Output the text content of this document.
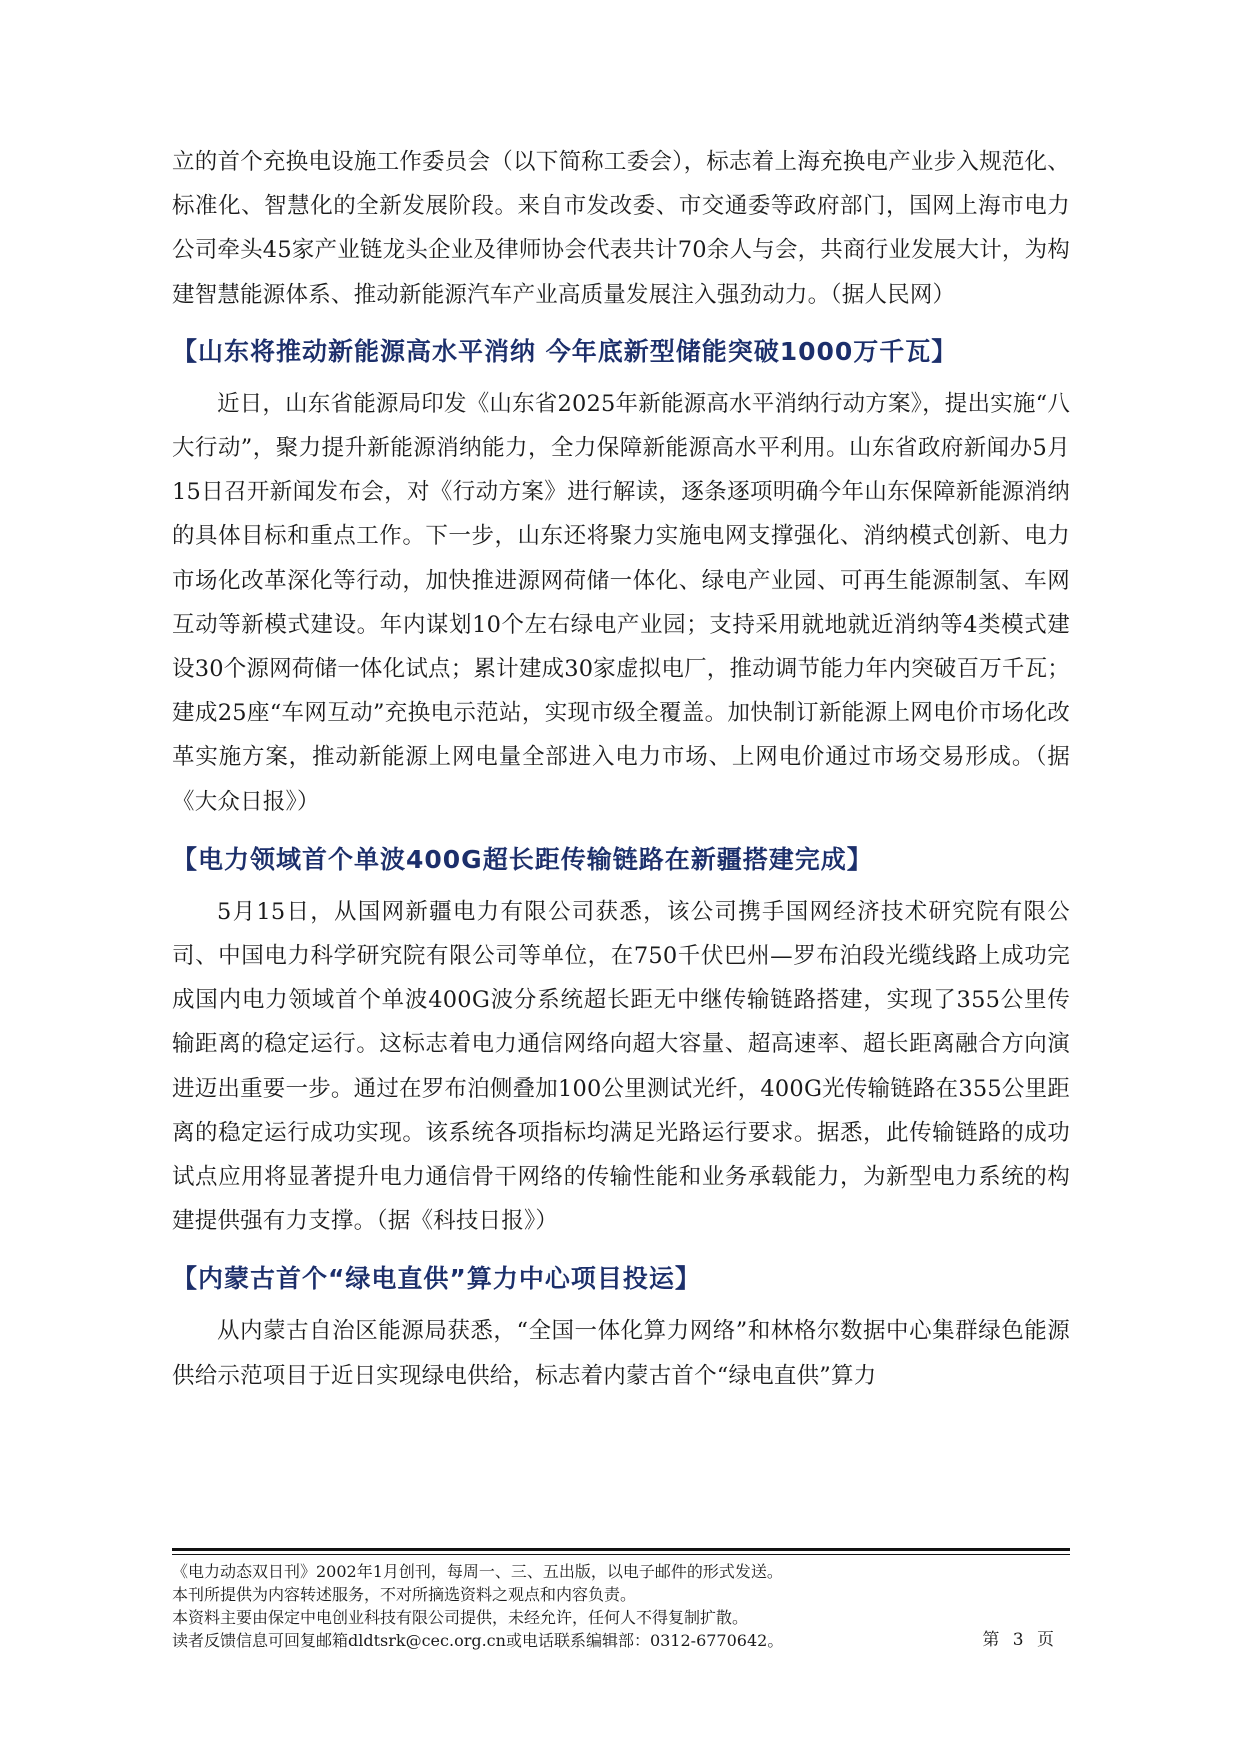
立的首个充换电设施工作委员会（以下简称工委会），标志着上海充换电产业步入规范化、标准化、智慧化的全新发展阶段。来自市发改委、市交通委等政府部门，国网上海市电力公司牵头45家产业链龙头企业及律师协会代表共计70余人与会，共商行业发展大计，为构建智慧能源体系、推动新能源汽车产业高质量发展注入强劲动力。（据人民网）

【山东将推动新能源高水平消纳 今年底新型储能突破1000万千瓦】

近日，山东省能源局印发《山东省2025年新能源高水平消纳行动方案》，提出实施“八大行动”，聚力提升新能源消纳能力，全力保障新能源高水平利用。山东省政府新闻办5月15日召开新闻发布会，对《行动方案》进行解读，逐条逐项明确今年山东保障新能源消纳的具体目标和重点工作。下一步，山东还将聚力实施电网支撑强化、消纳模式创新、电力市场化改革深化等行动，加快推进源网荷储一体化、绿电产业园、可再生能源制氢、车网互动等新模式建设。年内谋划10个左右绿电产业园；支持采用就地就近消纳等4类模式建设30个源网荷储一体化试点；累计建成30家虚拟电厂，推动调节能力年内突破百万千瓦；建成25座“车网互动”充换电示范站，实现市级全覆盖。加快制订新能源上网电价市场化改革实施方案，推动新能源上网电量全部进入电力市场、上网电价通过市场交易形成。（据《大众日报》）

【电力领域首个单波400G超长距传输链路在新疆搭建完成】

5月15日，从国网新疆电力有限公司获悉，该公司携手国网经济技术研究院有限公司、中国电力科学研究院有限公司等单位，在750千伏巴州—罗布泊段光缆线路上成功完成国内电力领域首个单波400G波分系统超长距无中继传输链路搭建，实现了355公里传输距离的稳定运行。这标志着电力通信网络向超大容量、超高速率、超长距离融合方向演进迈出重要一步。通过在罗布泊侧叠加100公里测试光纤，400G光传输链路在355公里距离的稳定运行成功实现。该系统各项指标均满足光路运行要求。据悉，此传输链路的成功试点应用将显著提升电力通信骨干网络的传输性能和业务承载能力，为新型电力系统的构建提供强有力支撑。（据《科技日报》）

【内蒙古首个“绿电直供”算力中心项目投运】

从内蒙古自治区能源局获悉，“全国一体化算力网络”和林格尔数据中心集群绿色能源供给示范项目于近日实现绿电供给，标志着内蒙古首个“绿电直供”算力

《电力动态双日刊》2002年1月创刊，每周一、三、五出版，以电子邮件的形式发送。

本刊所提供为内容转述服务，不对所摘选资料之观点和内容负责。

本资料主要由保定中电创业科技有限公司提供，未经允许，任何人不得复制扩散。

读者反馈信息可回复邮箱dldtsrk@cec.org.cn或电话联系编辑部：0312-6770642。	第 3 页
